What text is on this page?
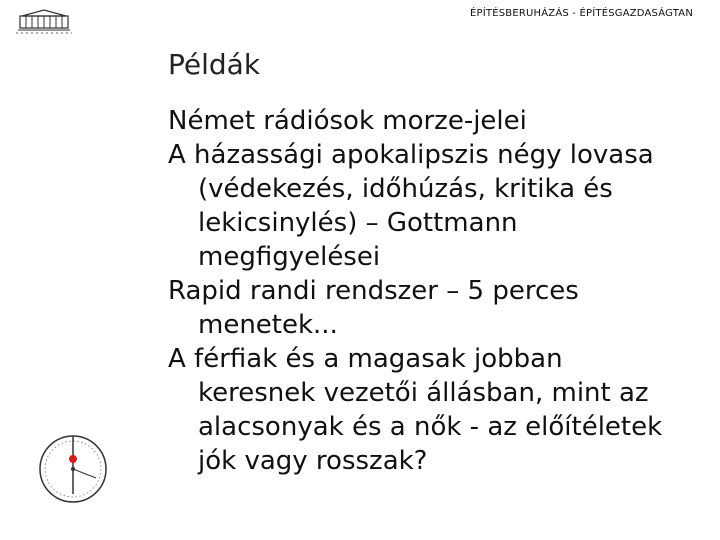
ÉPÍTÉSBERUHÁZÁS - ÉPÍTÉSGAZDASÁGTAN
Példák

Német rádiósok morze-jelei

A házassági apokalipszis négy lovasa (védekezés, időhúzás, kritika és lekicsinylés) – Gottmann megfigyelései

Rapid randi rendszer – 5 perces menetek...

A férfiak és a magasak jobban keresnek vezetői állásban, mint az alacsonyak és a nők - az előítéletek jók vagy rosszak?
